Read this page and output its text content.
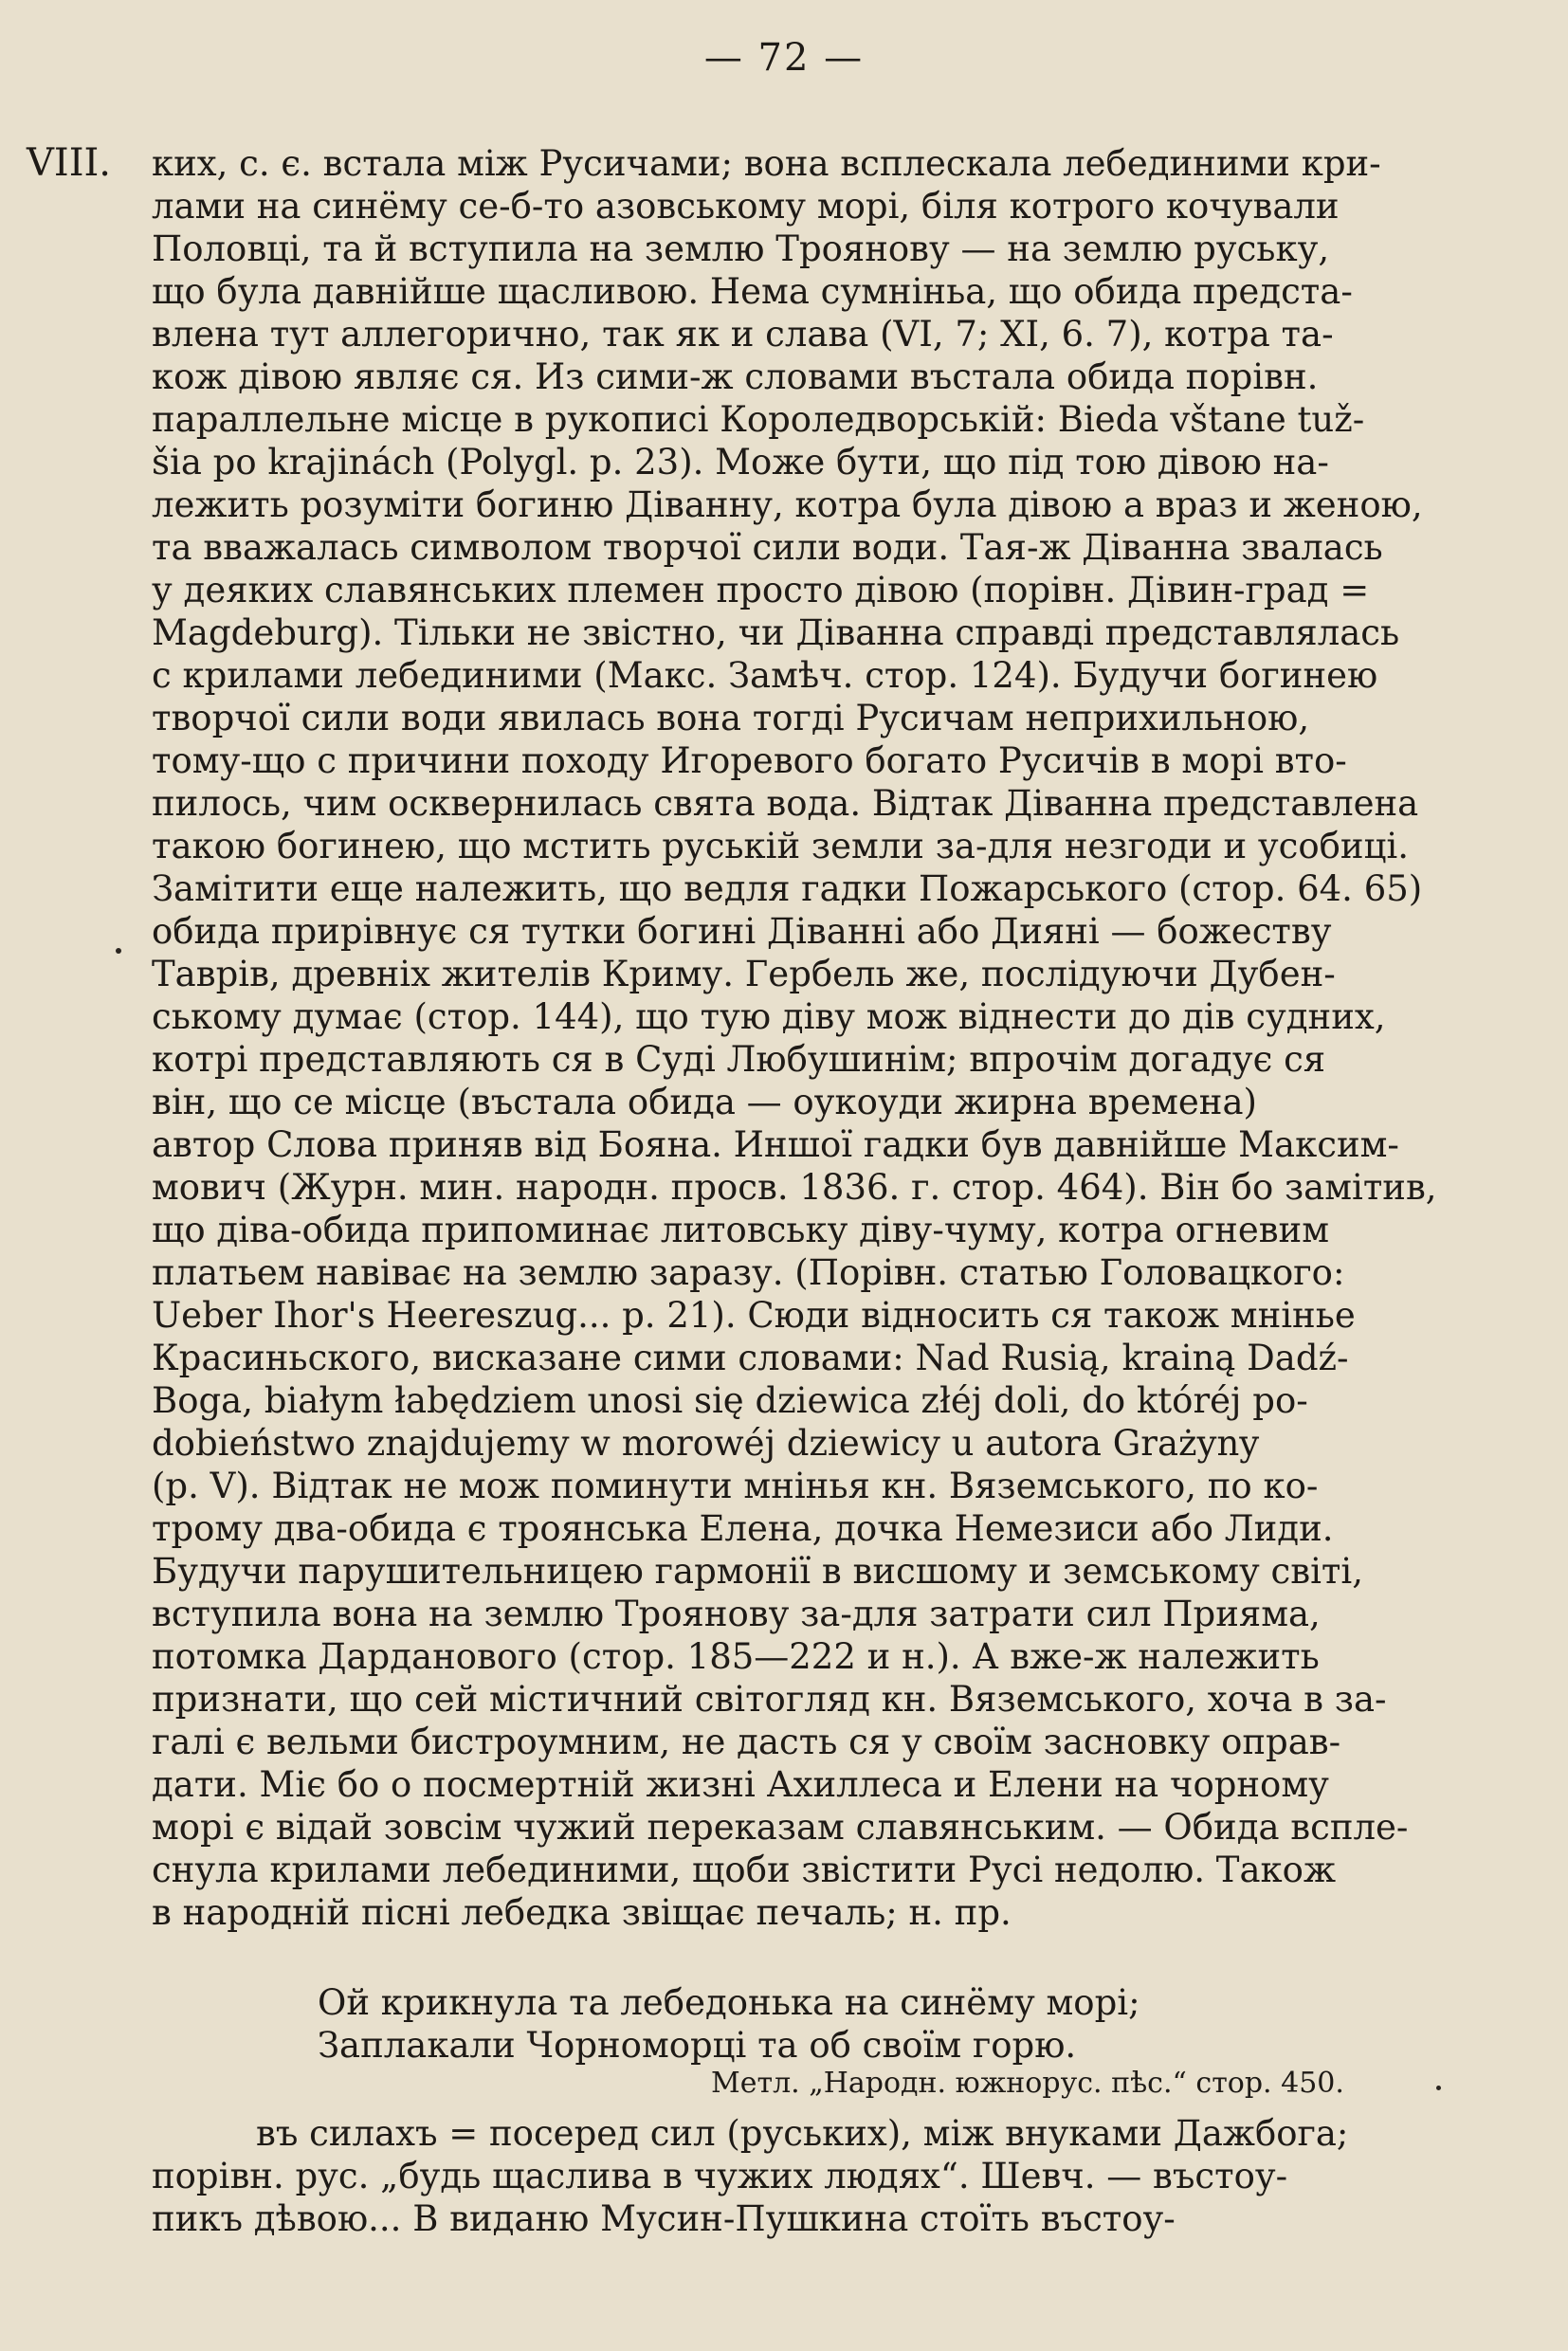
— 72 —
VIII. ких, с. є. встала між Русичами; вона всплескала лебединими кри-
лами на синёму се-б-то азовському морі, біля котрого кочували
Половці, та й вступила на землю Троянову — на землю руську,
що була давнійше щасливою. Нема сумніньа, що обида предста-
влена тут аллегорично, так як и слава (VI, 7; XI, 6. 7), котра та-
кож дівою являє ся. Из сими-ж словами въстала обида порівн.
параллельне місце в рукописі Короледворській: Bieda vštane tuž-
šia po krajinách (Polygl. p. 23). Може бути, що під тою дівою на-
лежить розуміти богиню Діванну, котра була дівою а враз и женою,
та вважалась символом творчої сили води. Тая-ж Діванна звалась
у деяких славянських племен просто дівою (порівн. Дівин-град =
Magdeburg). Тільки не звістно, чи Діванна справді представлялась
с крилами лебединими (Макс. Замѣч. стор. 124). Будучи богинею
творчої сили води явилась вона тогді Русичам неприхильною,
тому-що с причини походу Игоревого богато Русичів в морі вто-
пилось, чим осквернилась свята вода. Відтак Діванна представлена
такою богинею, що мстить руській земли за-для незгоди и усобиці.
Замітити еще належить, що ведля гадки Пожарського (стор. 64. 65)
обида прирівнує ся тутки богині Діванні або Дияні — божеству
Таврів, древніх жителів Криму. Гербель же, послідуючи Дубен-
ському думає (стор. 144), що тую діву мож віднести до дів судних,
котрі представляють ся в Суді Любушинім; впрочім догадує ся
він, що се місце (въстала обида — оукоуди жирна времена)
автор Слова приняв від Бояна. Иншої гадки був давнійше Максим-
мович (Журн. мин. народн. просв. 1836. г. стор. 464). Він бо замітив,
що діва-обида припоминає литовську діву-чуму, котра огневим
платьем навіває на землю заразу. (Порівн. статью Головацкого:
Ueber Ihor's Heereszug... p. 21). Сюди відносить ся також мнінье
Красиньского, висказане сими словами: Nad Rusią, krainą Dadź-
Boga, białym łabędziem unosi się dziewica złéj doli, do któréj po-
dobieństwo znajdujemy w morowéj dziewicy u autora Grażyny
(p. V). Відтак не мож поминути мнінья кн. Вяземського, по ко-
трому два-обида є троянська Елена, дочка Немезиси або Лиди.
Будучи парушительницею гармонії в висшому и земському світі,
вступила вона на землю Троянову за-для затрати сил Прияма,
потомка Дарданового (стор. 185—222 и н.). А вже-ж належить
признати, що сей містичний світогляд кн. Вяземського, хоча в за-
галі є вельми бистроумним, не дасть ся у своїм засновку оправ-
дати. Міє бо о посмертній жизні Ахиллеса и Елени на чорному
морі є відай зовсім чужий переказам славянським. — Обида вспле-
снула крилами лебединими, щоби звістити Русі недолю. Також
в народній пісні лебедка звіщає печаль; н. пр.
Ой крикнула та лебедонька на синёму морі;
Заплакали Чорноморці та об своїм горю.
Метл. „Народн. южнорус. пѣс.“ стор. 450.
въ силахъ = посеред сил (руських), між внуками Дажбога;
порівн. рус. „будь щаслива в чужих людях“. Шевч. — въстоу-
пикъ дѣвою... В виданю Мусин-Пушкина стоїть въстоу-
